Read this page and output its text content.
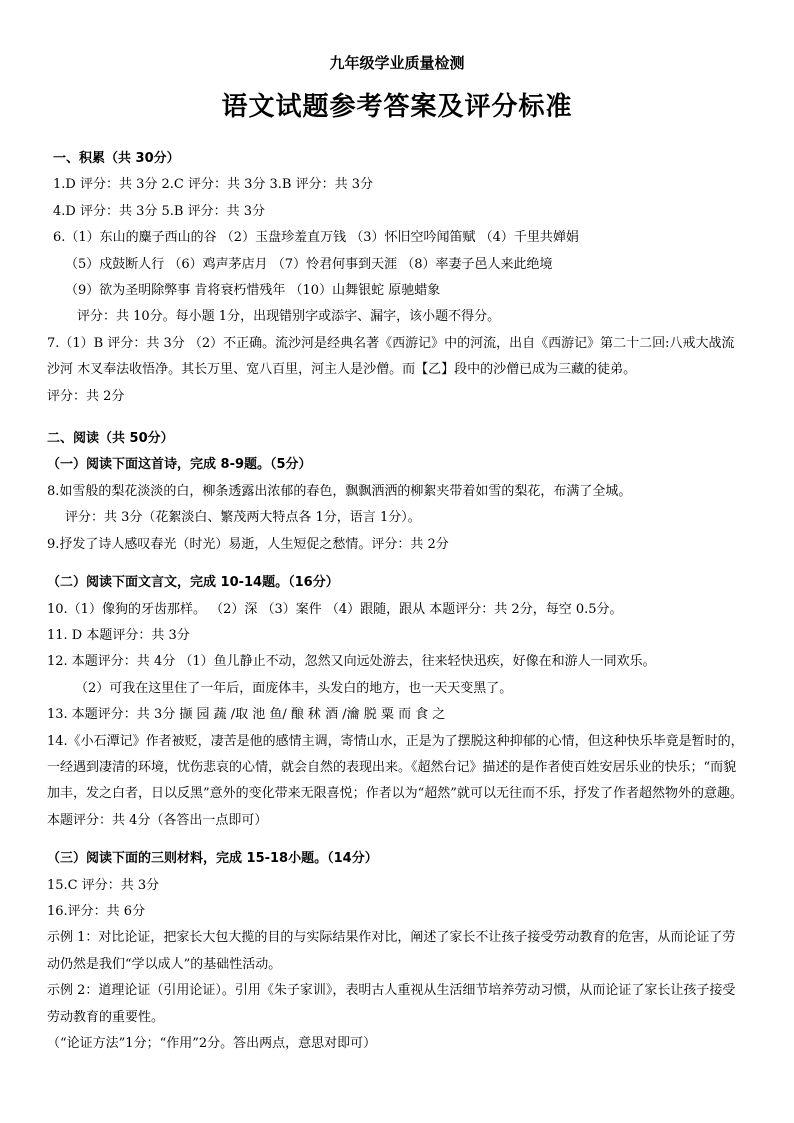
九年级学业质量检测
语文试题参考答案及评分标准
一、积累（共 30分）
1.D 评分：共 3分 2.C 评分：共 3分 3.B 评分：共 3分
4.D 评分：共 3分 5.B 评分：共 3分
6.（1）东山的麋子西山的谷 （2）玉盘珍羞直万钱 （3）怀旧空吟闻笛赋 （4）千里共婵娟
（5）戍鼓断人行 （6）鸡声茅店月 （7）怜君何事到天涯 （8）率妻子邑人来此绝境
（9）欲为圣明除弊事 肯将衰朽惜残年 （10）山舞银蛇 原驰蜡象
评分：共 10分。每小题 1分，出现错别字或添字、漏字，该小题不得分。
7.（1）B 评分：共 3分 （2）不正确。流沙河是经典名著《西游记》中的河流，出自《西游记》第二十二回:八戒大战流沙河 木叉奉法收悟净。其长万里、宽八百里，河主人是沙僧。而【乙】段中的沙僧已成为三藏的徒弟。
评分：共 2分
二、阅读（共 50分）
（一）阅读下面这首诗，完成 8-9题。（5分）
8.如雪般的梨花淡淡的白，柳条透露出浓郁的春色，飘飘洒洒的柳絮夹带着如雪的梨花，布满了全城。
评分：共 3分（花絮淡白、繁茂两大特点各 1分，语言 1分）。
9.抒发了诗人感叹春光（时光）易逝，人生短促之愁情。评分：共 2分
（二）阅读下面文言文，完成 10-14题。（16分）
10.（1）像狗的牙齿那样。 （2）深 （3）案件 （4）跟随，跟从 本题评分：共 2分，每空 0.5分。
11. D 本题评分：共 3分
12. 本题评分：共 4分 （1）鱼儿静止不动，忽然又向远处游去，往来轻快迅疾，好像在和游人一同欢乐。
（2）可我在这里住了一年后，面庞体丰，头发白的地方，也一天天变黑了。
13. 本题评分：共 3分 撷 园 蔬 /取 池 鱼/ 酿 秫 酒 /瀹 脱 粟 而 食 之
14.《小石潭记》作者被贬，凄苦是他的感情主调，寄情山水，正是为了摆脱这种抑郁的心情，但这种快乐毕竟是暂时的，一经遇到凄清的环境，忧伤悲哀的心情，就会自然的表现出来。《超然台记》描述的是作者使百姓安居乐业的快乐；“而貌加丰，发之白者，日以反黑”意外的变化带来无限喜悦；作者以为“超然”就可以无往而不乐，抒发了作者超然物外的意趣。本题评分：共 4分（各答出一点即可）
（三）阅读下面的三则材料，完成 15-18小题。（14分）
15.C 评分：共 3分
16.评分：共 6分
示例 1：对比论证，把家长大包大揽的目的与实际结果作对比，阐述了家长不让孩子接受劳动教育的危害，从而论证了劳动仍然是我们“学以成人”的基础性活动。
示例 2：道理论证（引用论证）。引用《朱子家训》，表明古人重视从生活细节培养劳动习惯，从而论证了家长让孩子接受劳动教育的重要性。
（“论证方法”1分；“作用”2分。答出两点，意思对即可）
